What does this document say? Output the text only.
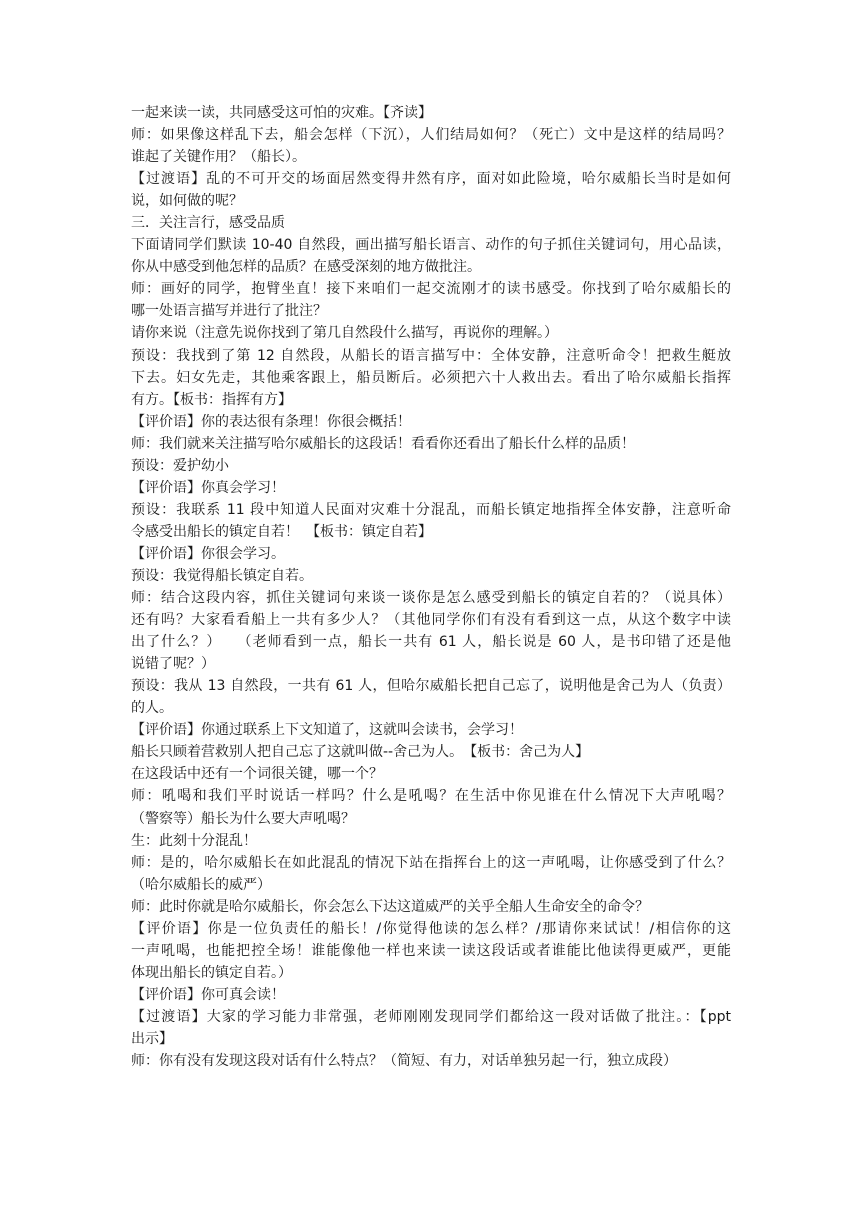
一起来读一读，共同感受这可怕的灾难。【齐读】
师：如果像这样乱下去，船会怎样（下沉），人们结局如何？（死亡）文中是这样的结局吗？
谁起了关键作用？（船长）。
【过渡语】乱的不可开交的场面居然变得井然有序，面对如此险境，哈尔威船长当时是如何
说，如何做的呢？
三．关注言行，感受品质
下面请同学们默读 10-40 自然段，画出描写船长语言、动作的句子抓住关键词句，用心品读，
你从中感受到他怎样的品质？在感受深刻的地方做批注。
师：画好的同学，抱臂坐直！接下来咱们一起交流刚才的读书感受。你找到了哈尔威船长的
哪一处语言描写并进行了批注？
请你来说（注意先说你找到了第几自然段什么描写，再说你的理解。）
预设：我找到了第 12 自然段，从船长的语言描写中：全体安静，注意听命令！把救生艇放
下去。妇女先走，其他乘客跟上，船员断后。必须把六十人救出去。看出了哈尔威船长指挥
有方。【板书：指挥有方】
【评价语】你的表达很有条理！你很会概括！
师：我们就来关注描写哈尔威船长的这段话！看看你还看出了船长什么样的品质！
预设：爱护幼小
【评价语】你真会学习！
预设：我联系 11 段中知道人民面对灾难十分混乱，而船长镇定地指挥全体安静，注意听命
令感受出船长的镇定自若！　【板书：镇定自若】
【评价语】你很会学习。
预设：我觉得船长镇定自若。
师：结合这段内容，抓住关键词句来谈一谈你是怎么感受到船长的镇定自若的？（说具体）
还有吗？大家看看船上一共有多少人？（其他同学你们有没有看到这一点，从这个数字中读
出了什么？）　　（老师看到一点，船长一共有 61 人，船长说是 60 人，是书印错了还是他
说错了呢？）
预设：我从 13 自然段，一共有 61 人，但哈尔威船长把自己忘了，说明他是舍己为人（负责）
的人。
【评价语】你通过联系上下文知道了，这就叫会读书，会学习！
船长只顾着营救别人把自己忘了这就叫做--舍己为人。　【板书：舍己为人】
在这段话中还有一个词很关键，哪一个？
师：吼喝和我们平时说话一样吗？什么是吼喝？在生活中你见谁在什么情况下大声吼喝？
（警察等）船长为什么要大声吼喝？
生：此刻十分混乱！
师：是的，哈尔威船长在如此混乱的情况下站在指挥台上的这一声吼喝，让你感受到了什么？
（哈尔威船长的威严）
师：此时你就是哈尔威船长，你会怎么下达这道威严的关乎全船人生命安全的命令？
【评价语】你是一位负责任的船长！/你觉得他读的怎么样？/那请你来试试！/相信你的这
一声吼喝，也能把控全场！谁能像他一样也来读一读这段话或者谁能比他读得更威严，更能
体现出船长的镇定自若。）
【评价语】你可真会读！
【过渡语】大家的学习能力非常强，老师刚刚发现同学们都给这一段对话做了批注。：【ppt
出示】
师：你有没有发现这段对话有什么特点？（简短、有力，对话单独另起一行，独立成段）
